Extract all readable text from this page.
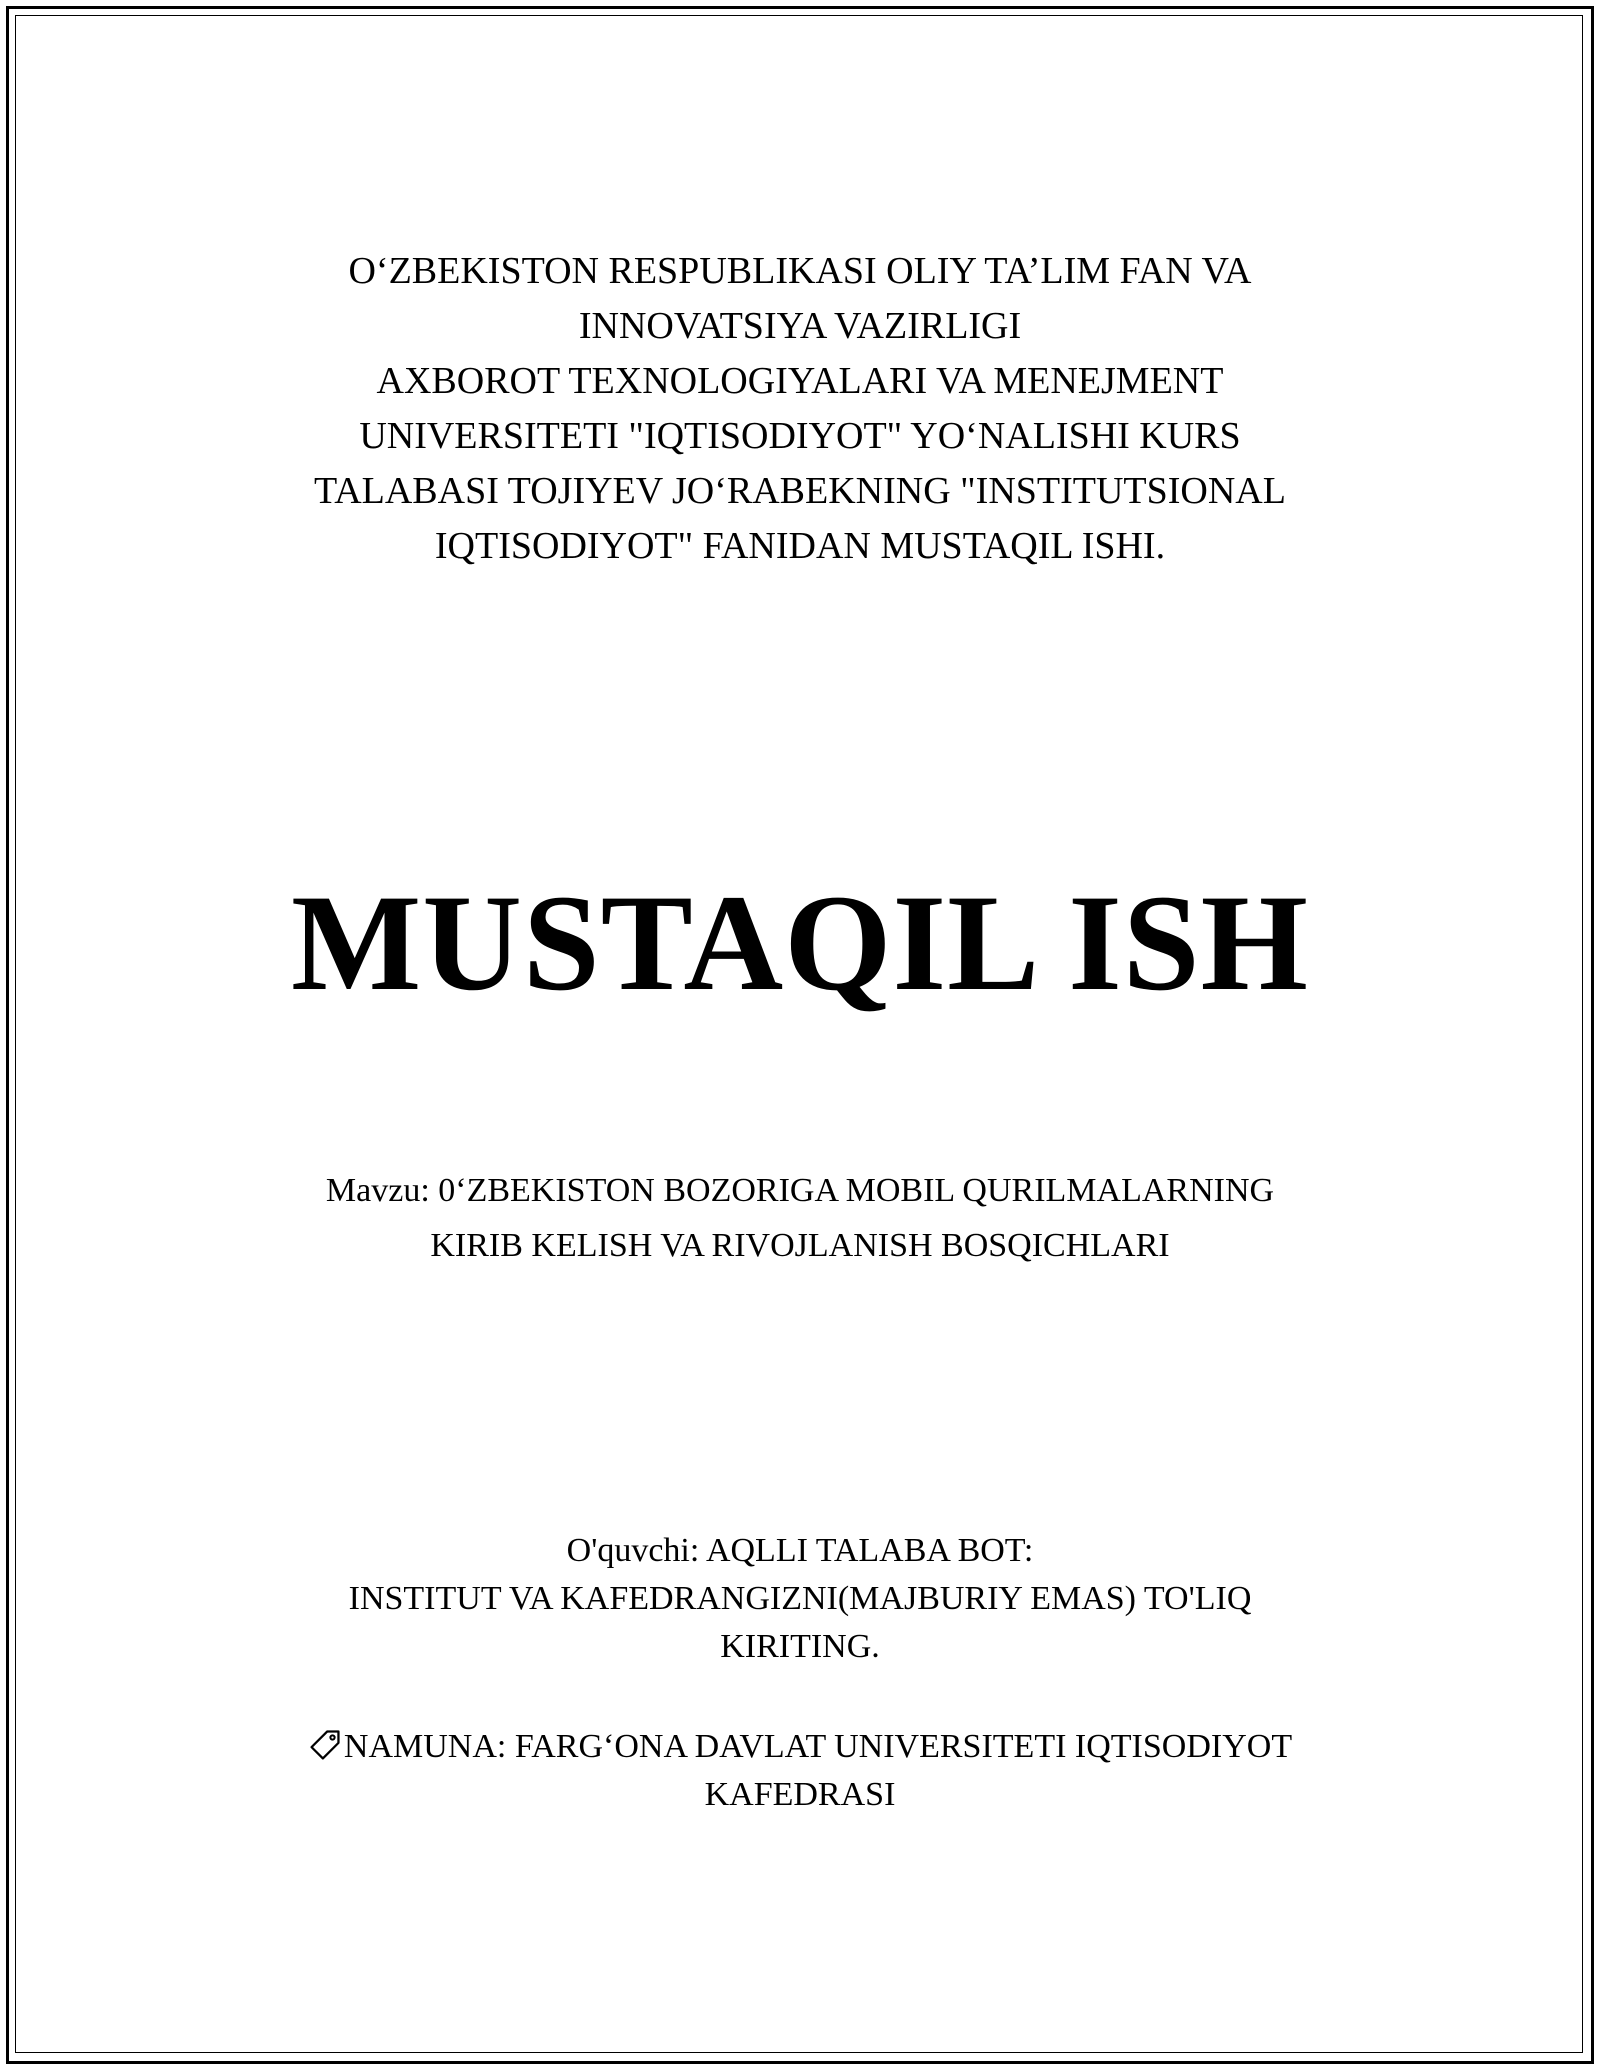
O‘ZBEKISTON RESPUBLIKASI OLIY TA’LIM FAN VA
INNOVATSIYA VAZIRLIGI
AXBOROT TEXNOLOGIYALARI VA MENEJMENT
UNIVERSITETI "IQTISODIYOT" YO‘NALISHI KURS
TALABASI TOJIYEV JO‘RABEKNING "INSTITUTSIONAL
IQTISODIYOT" FANIDAN MUSTAQIL ISHI.
MUSTAQIL ISH
Mavzu: 0‘ZBEKISTON BOZORIGA MOBIL QURILMALARNING
KIRIB KELISH VA RIVOJLANISH BOSQICHLARI
O'quvchi: AQLLI TALABA BOT:
INSTITUT VA KAFEDRANGIZNI(MAJBURIY EMAS) TO'LIQ
KIRITING.
NAMUNA: FARG‘ONA DAVLAT UNIVERSITETI IQTISODIYOT
KAFEDRASI
